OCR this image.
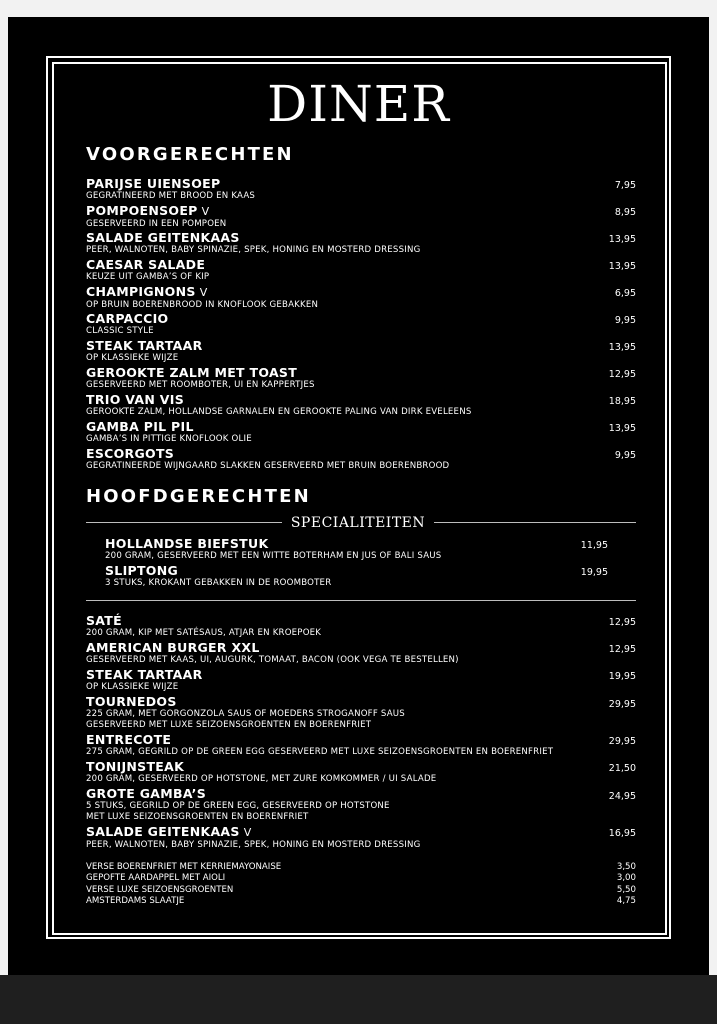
DINER
VOORGERECHTEN
PARIJSE UIENSOEP
GEGRATINEERD MET BROOD EN KAAS
7,95
POMPOENSOEP V
GESERVEERD IN EEN POMPOEN
8,95
SALADE GEITENKAAS
PEER, WALNOTEN, BABY SPINAZIE, SPEK, HONING EN MOSTERD DRESSING
13,95
CAESAR SALADE
KEUZE UIT GAMBA’S OF KIP
13,95
CHAMPIGNONS V
OP BRUIN BOERENBROOD IN KNOFLOOK GEBAKKEN
6,95
CARPACCIO
CLASSIC STYLE
9,95
STEAK TARTAAR
OP KLASSIEKE WIJZE
13,95
GEROOKTE ZALM MET TOAST
GESERVEERD MET ROOMBOTER, UI EN KAPPERTJES
12,95
TRIO VAN VIS
GEROOKTE ZALM, HOLLANDSE GARNALEN EN GEROOKTE PALING VAN DIRK EVELEENS
18,95
GAMBA PIL PIL
GAMBA’S IN PITTIGE KNOFLOOK OLIE
13,95
ESCORGOTS
GEGRATINEERDE WIJNGAARD SLAKKEN GESERVEERD MET BRUIN BOERENBROOD
9,95
HOOFDGERECHTEN
SPECIALITEITEN
HOLLANDSE BIEFSTUK
200 GRAM, GESERVEERD MET EEN WITTE BOTERHAM EN JUS OF BALI SAUS
11,95
SLIPTONG
3 STUKS, KROKANT GEBAKKEN IN DE ROOMBOTER
19,95
SATÉ
200 GRAM, KIP MET SATÉSAUS, ATJAR EN KROEPOEK
12,95
AMERICAN BURGER XXL
GESERVEERD MET KAAS, UI, AUGURK, TOMAAT, BACON (OOK VEGA TE BESTELLEN)
12,95
STEAK TARTAAR
OP KLASSIEKE WIJZE
19,95
TOURNEDOS
225 GRAM, MET GORGONZOLA SAUS OF MOEDERS STROGANOFF SAUS
GESERVEERD MET LUXE SEIZOENSGROENTEN EN BOERENFRIET
29,95
ENTRECOTE
275 GRAM, GEGRILD OP DE GREEN EGG GESERVEERD MET LUXE SEIZOENSGROENTEN EN BOERENFRIET
29,95
TONIJNSTEAK
200 GRAM, GESERVEERD OP HOTSTONE, MET ZURE KOMKOMMER / UI SALADE
21,50
GROTE GAMBA’S
5 STUKS, GEGRILD OP DE GREEN EGG, GESERVEERD OP HOTSTONE
MET LUXE SEIZOENSGROENTEN EN BOERENFRIET
24,95
SALADE GEITENKAAS V
PEER, WALNOTEN, BABY SPINAZIE, SPEK, HONING EN MOSTERD DRESSING
16,95
VERSE BOERENFRIET MET KERRIEMAYONAISE	3,50
GEPOFTE AARDAPPEL MET AIOLI	3,00
VERSE LUXE SEIZOENSGROENTEN	5,50
AMSTERDAMS SLAATJE	4,75
